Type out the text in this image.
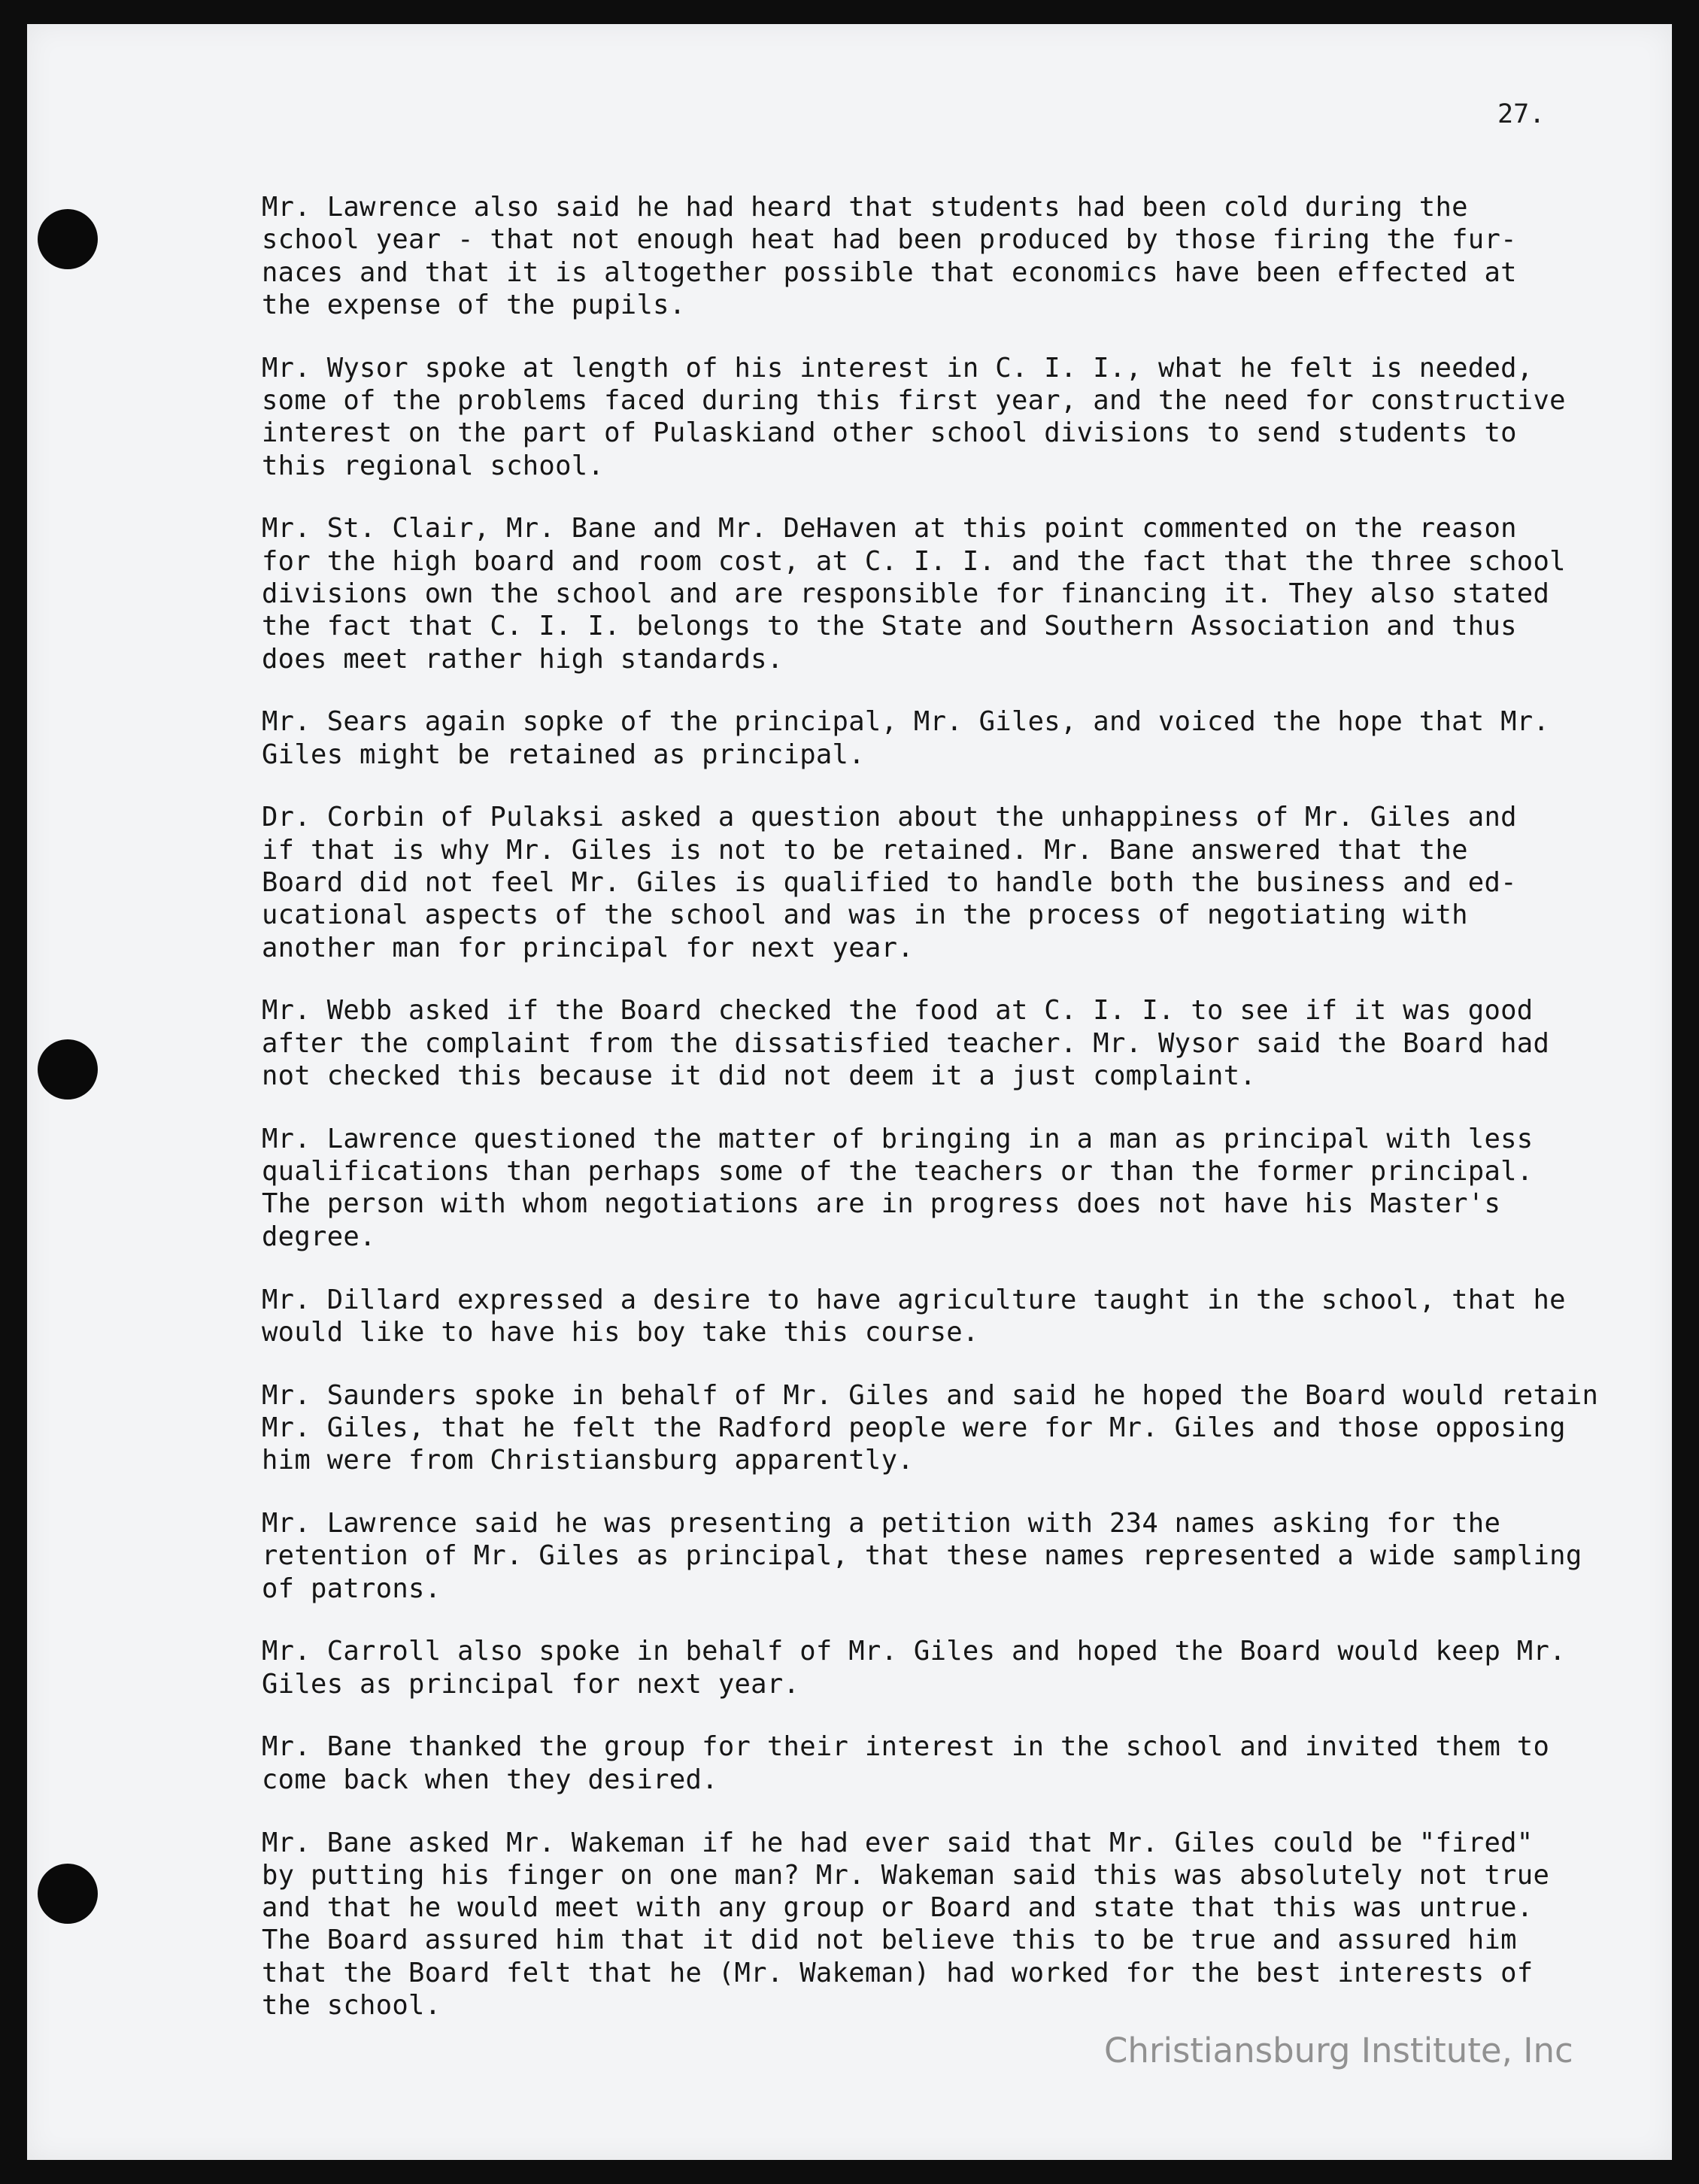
27.

Mr. Lawrence also said he had heard that students had been cold during the
school year - that not enough heat had been produced by those firing the fur-
naces and that it is altogether possible that economics have been effected at
the expense of the pupils.

Mr. Wysor spoke at length of his interest in C. I. I., what he felt is needed,
some of the problems faced during this first year, and the need for constructive
interest on the part of Pulaskiand other school divisions to send students to
this regional school.

Mr. St. Clair, Mr. Bane and Mr. DeHaven at this point commented on the reason
for the high board and room cost, at C. I. I. and the fact that the three school
divisions own the school and are responsible for financing it. They also stated
the fact that C. I. I. belongs to the State and Southern Association and thus
does meet rather high standards.

Mr. Sears again sopke of the principal, Mr. Giles, and voiced the hope that Mr.
Giles might be retained as principal.

Dr. Corbin of Pulaksi asked a question about the unhappiness of Mr. Giles and
if that is why Mr. Giles is not to be retained. Mr. Bane answered that the
Board did not feel Mr. Giles is qualified to handle both the business and ed-
ucational aspects of the school and was in the process of negotiating with
another man for principal for next year.

Mr. Webb asked if the Board checked the food at C. I. I. to see if it was good
after the complaint from the dissatisfied teacher. Mr. Wysor said the Board had
not checked this because it did not deem it a just complaint.

Mr. Lawrence questioned the matter of bringing in a man as principal with less
qualifications than perhaps some of the teachers or than the former principal.
The person with whom negotiations are in progress does not have his Master's
degree.

Mr. Dillard expressed a desire to have agriculture taught in the school, that he
would like to have his boy take this course.

Mr. Saunders spoke in behalf of Mr. Giles and said he hoped the Board would retain
Mr. Giles, that he felt the Radford people were for Mr. Giles and those opposing
him were from Christiansburg apparently.

Mr. Lawrence said he was presenting a petition with 234 names asking for the
retention of Mr. Giles as principal, that these names represented a wide sampling
of patrons.

Mr. Carroll also spoke in behalf of Mr. Giles and hoped the Board would keep Mr.
Giles as principal for next year.

Mr. Bane thanked the group for their interest in the school and invited them to
come back when they desired.

Mr. Bane asked Mr. Wakeman if he had ever said that Mr. Giles could be "fired"
by putting his finger on one man? Mr. Wakeman said this was absolutely not true
and that he would meet with any group or Board and state that this was untrue.
The Board assured him that it did not believe this to be true and assured him
that the Board felt that he (Mr. Wakeman) had worked for the best interests of
the school.

Christiansburg Institute, Inc
